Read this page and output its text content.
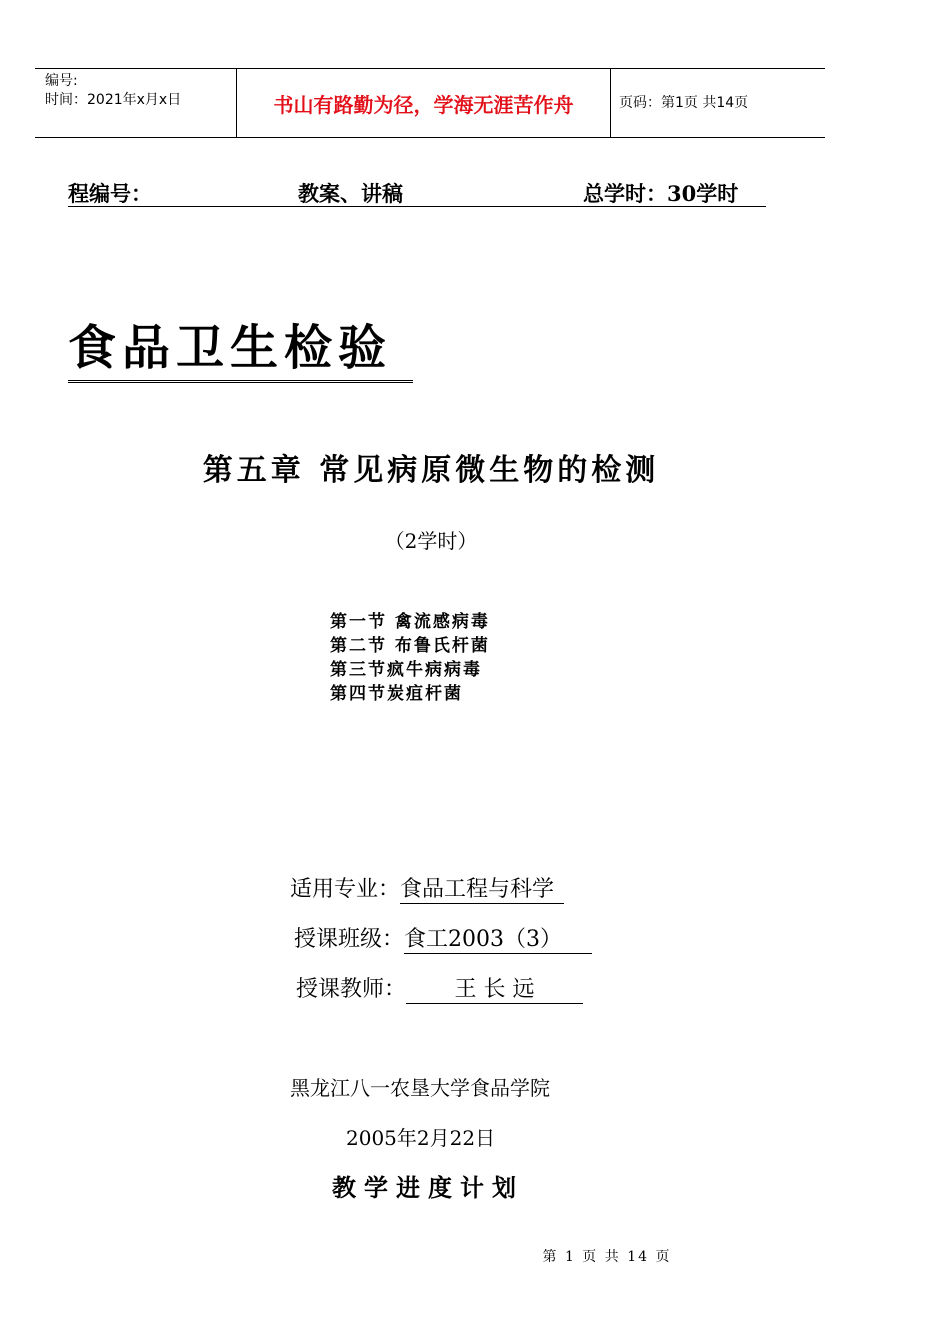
编号:
时间：2021年x月x日	书山有路勤为径，学海无涯苦作舟	页码：第1页 共14页
程编号：	教案、讲稿	总学时：30学时
食品卫生检验
第五章 常见病原微生物的检测
（2学时）
第一节 禽流感病毒
第二节 布鲁氏杆菌
第三节疯牛病病毒
第四节炭疽杆菌
适用专业：食品工程与科学
授课班级：食工2003（3）
授课教师： 王 长 远
黑龙江八一农垦大学食品学院
2005年2月22日
教学进度计划
第 1 页 共 14 页
